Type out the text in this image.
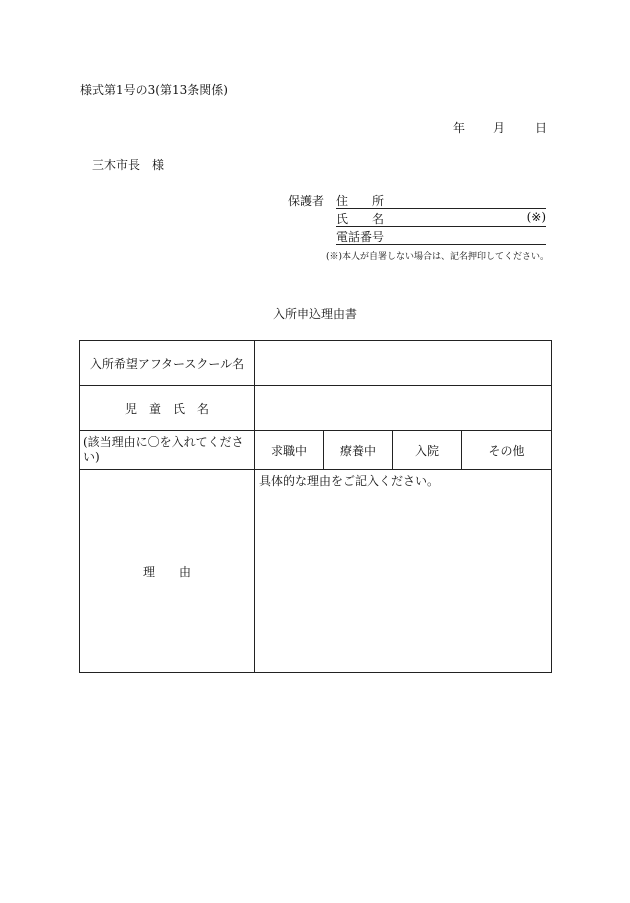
様式第1号の3(第13条関係)
年 月	日
三木市長　様
保護者 住　　所
氏　　名	(※)
電話番号
(※)本人が自署しない場合は、記名押印してください。
入所申込理由書
入所希望アフタースクール名				
児　童　氏　名				
(該当理由に〇を入れてください)	求職中	療養中	入院	その他
理　　由	具体的な理由をご記入ください。			
